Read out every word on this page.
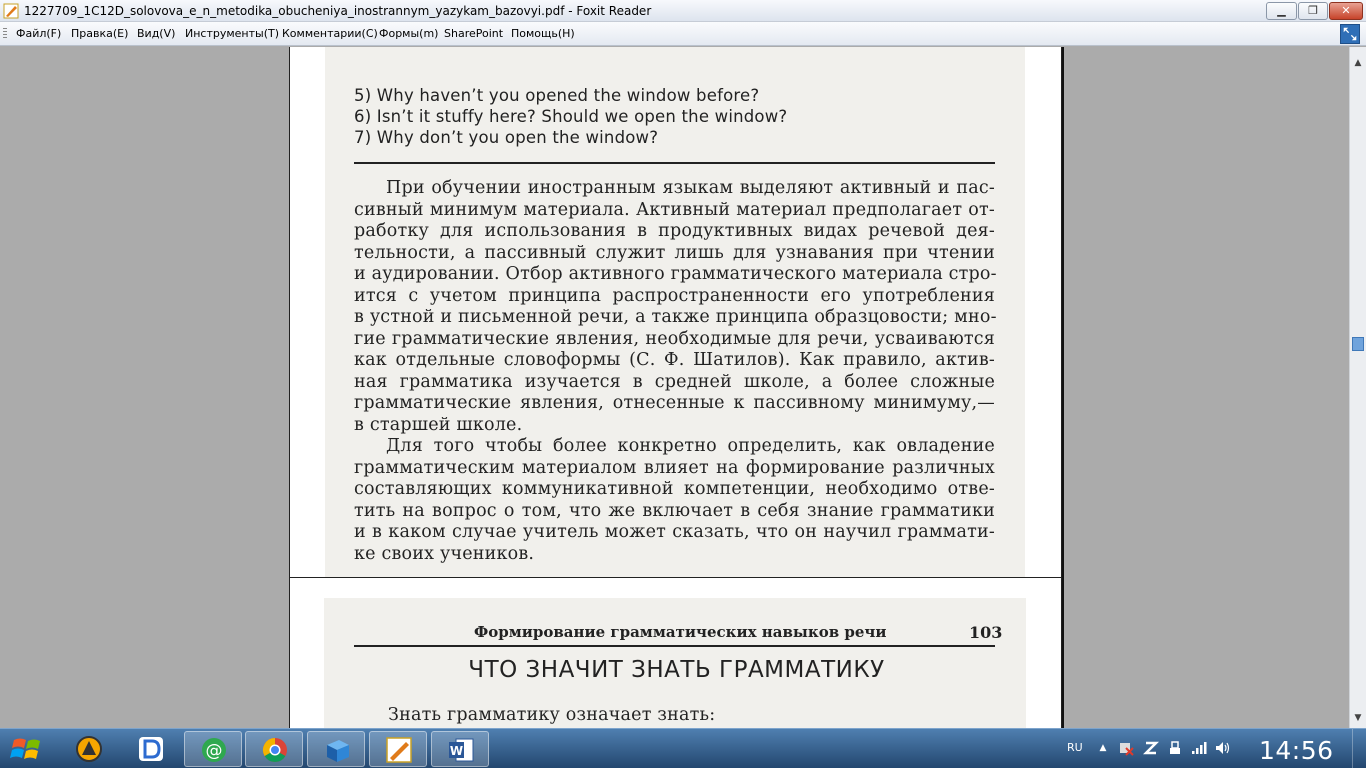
1227709_1C12D_solovova_e_n_metodika_obucheniya_inostrannym_yazykam_bazovyi.pdf - Foxit Reader	▁	❐	✕
Файл(F) Правка(E) Вид(V) Инструменты(T) Комментарии(C) Формы(m) SharePoint Помощь(H)
5) Why haven’t you opened the window before?
6) Isn’t it stuffy here? Should we open the window?
7) Why don’t you open the window?
При обучении иностранным языкам выделяют активный и пас-
сивный минимум материала. Активный материал предполагает от-
работку для использования в продуктивных видах речевой дея-
тельности, а пассивный служит лишь для узнавания при чтении
и аудировании. Отбор активного грамматического материала стро-
ится с учетом принципа распространенности его употребления
в устной и письменной речи, а также принципа образцовости; мно-
гие грамматические явления, необходимые для речи, усваиваются
как отдельные словоформы (С. Ф. Шатилов). Как правило, актив-
ная грамматика изучается в средней школе, а более сложные
грамматические явления, отнесенные к пассивному минимуму,—
в старшей школе.
Для того чтобы более конкретно определить, как овладение
грамматическим материалом влияет на формирование различных
составляющих коммуникативной компетенции, необходимо отве-
тить на вопрос о том, что же включает в себя знание грамматики
и в каком случае учитель может сказать, что он научил граммати-
ке своих учеников.
Формирование грамматических навыков речи	103
ЧТО ЗНАЧИТ ЗНАТЬ ГРАММАТИКУ
Знать грамматику означает знать:
▲
▼
@	W	RU	▲	14:56
